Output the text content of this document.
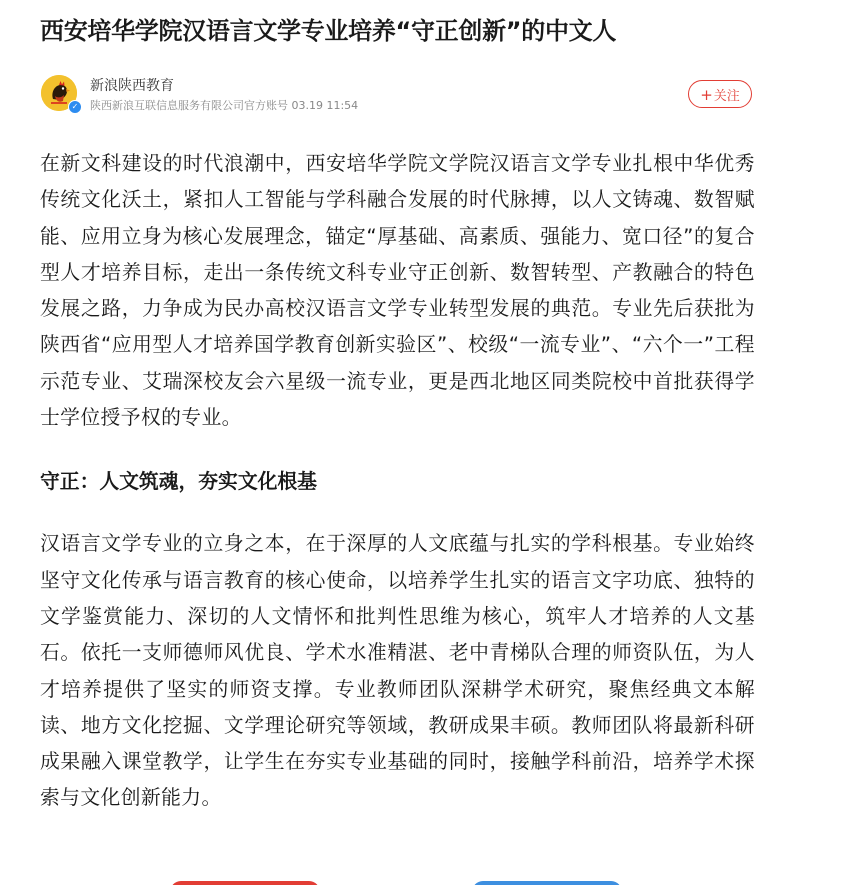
西安培华学院汉语言文学专业培养“守正创新”的中文人
✓
新浪陕西教育
陕西新浪互联信息服务有限公司官方账号 03.19 11:54
+关注

在新文科建设的时代浪潮中，西安培华学院文学院汉语言文学专业扎根中华优秀传统文化沃土，紧扣人工智能与学科融合发展的时代脉搏，以人文铸魂、数智赋能、应用立身为核心发展理念，锚定“厚基础、高素质、强能力、宽口径”的复合型人才培养目标，走出一条传统文科专业守正创新、数智转型、产教融合的特色发展之路，力争成为民办高校汉语言文学专业转型发展的典范。专业先后获批为陕西省“应用型人才培养国学教育创新实验区”、校级“一流专业”、“六个一”工程示范专业、艾瑞深校友会六星级一流专业，更是西北地区同类院校中首批获得学士学位授予权的专业。

守正：人文筑魂，夯实文化根基

汉语言文学专业的立身之本，在于深厚的人文底蕴与扎实的学科根基。专业始终坚守文化传承与语言教育的核心使命，以培养学生扎实的语言文字功底、独特的文学鉴赏能力、深切的人文情怀和批判性思维为核心，筑牢人才培养的人文基石。依托一支师德师风优良、学术水准精湛、老中青梯队合理的师资队伍，为人才培养提供了坚实的师资支撑。专业教师团队深耕学术研究，聚焦经典文本解读、地方文化挖掘、文学理论研究等领域，教研成果丰硕。教师团队将最新科研成果融入课堂教学，让学生在夯实专业基础的同时，接触学科前沿，培养学术探索与文化创新能力。
